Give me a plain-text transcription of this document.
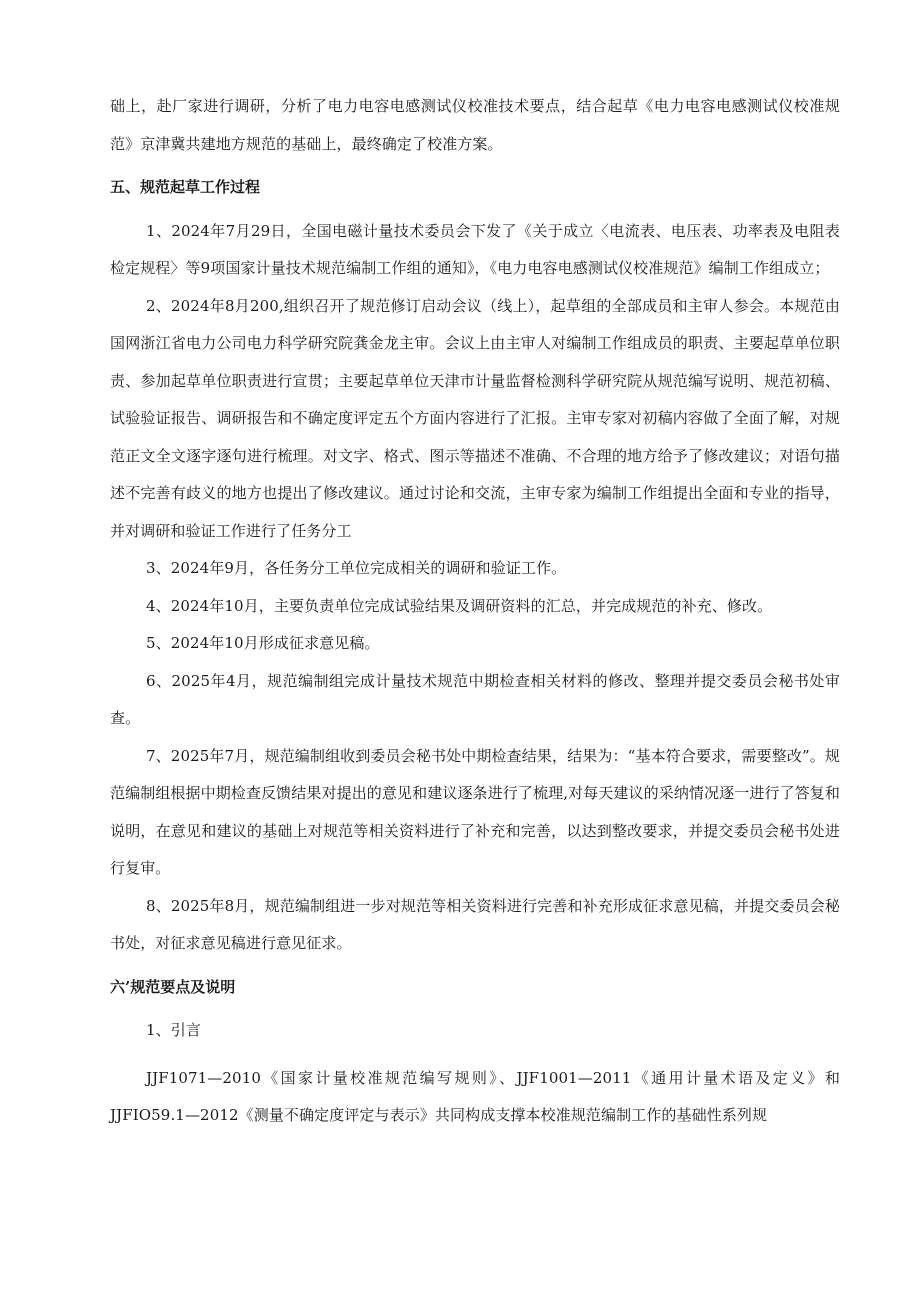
础上，赴厂家进行调研，分析了电力电容电感测试仪校准技术要点，结合起草《电力电容电感测试仪校准规范》京津冀共建地方规范的基础上，最终确定了校准方案。

五、规范起草工作过程

1、2024年7月29日，全国电磁计量技术委员会下发了《关于成立〈电流表、电压表、功率表及电阻表检定规程〉等9项国家计量技术规范编制工作组的通知》，《电力电容电感测试仪校准规范》编制工作组成立；

2、2024年8月200,组织召开了规范修订启动会议（线上），起草组的全部成员和主审人参会。本规范由国网浙江省电力公司电力科学研究院龚金龙主审。会议上由主审人对编制工作组成员的职责、主要起草单位职责、参加起草单位职责进行宣贯；主要起草单位天津市计量监督检测科学研究院从规范编写说明、规范初稿、试验验证报告、调研报告和不确定度评定五个方面内容进行了汇报。主审专家对初稿内容做了全面了解，对规范正文全文逐字逐句进行梳理。对文字、格式、图示等描述不准确、不合理的地方给予了修改建议；对语句描述不完善有歧义的地方也提出了修改建议。通过讨论和交流，主审专家为编制工作组提出全面和专业的指导，并对调研和验证工作进行了任务分工

3、2024年9月，各任务分工单位完成相关的调研和验证工作。

4、2024年10月，主要负责单位完成试验结果及调研资料的汇总，并完成规范的补充、修改。

5、2024年10月形成征求意见稿。

6、2025年4月，规范编制组完成计量技术规范中期检查相关材料的修改、整理并提交委员会秘书处审查。

7、2025年7月，规范编制组收到委员会秘书处中期检查结果，结果为：“基本符合要求，需要整改”。规范编制组根据中期检查反馈结果对提出的意见和建议逐条进行了梳理,对每天建议的采纳情况逐一进行了答复和说明，在意见和建议的基础上对规范等相关资料进行了补充和完善，以达到整改要求，并提交委员会秘书处进行复审。

8、2025年8月，规范编制组进一步对规范等相关资料进行完善和补充形成征求意见稿，并提交委员会秘书处，对征求意见稿进行意见征求。

六’规范要点及说明

1、引言

JJF1071—2010《国家计量校准规范编写规则》、JJF1001—2011《通用计量术语及定义》和JJFIO59.1—2012《测量不确定度评定与表示》共同构成支撑本校准规范编制工作的基础性系列规
